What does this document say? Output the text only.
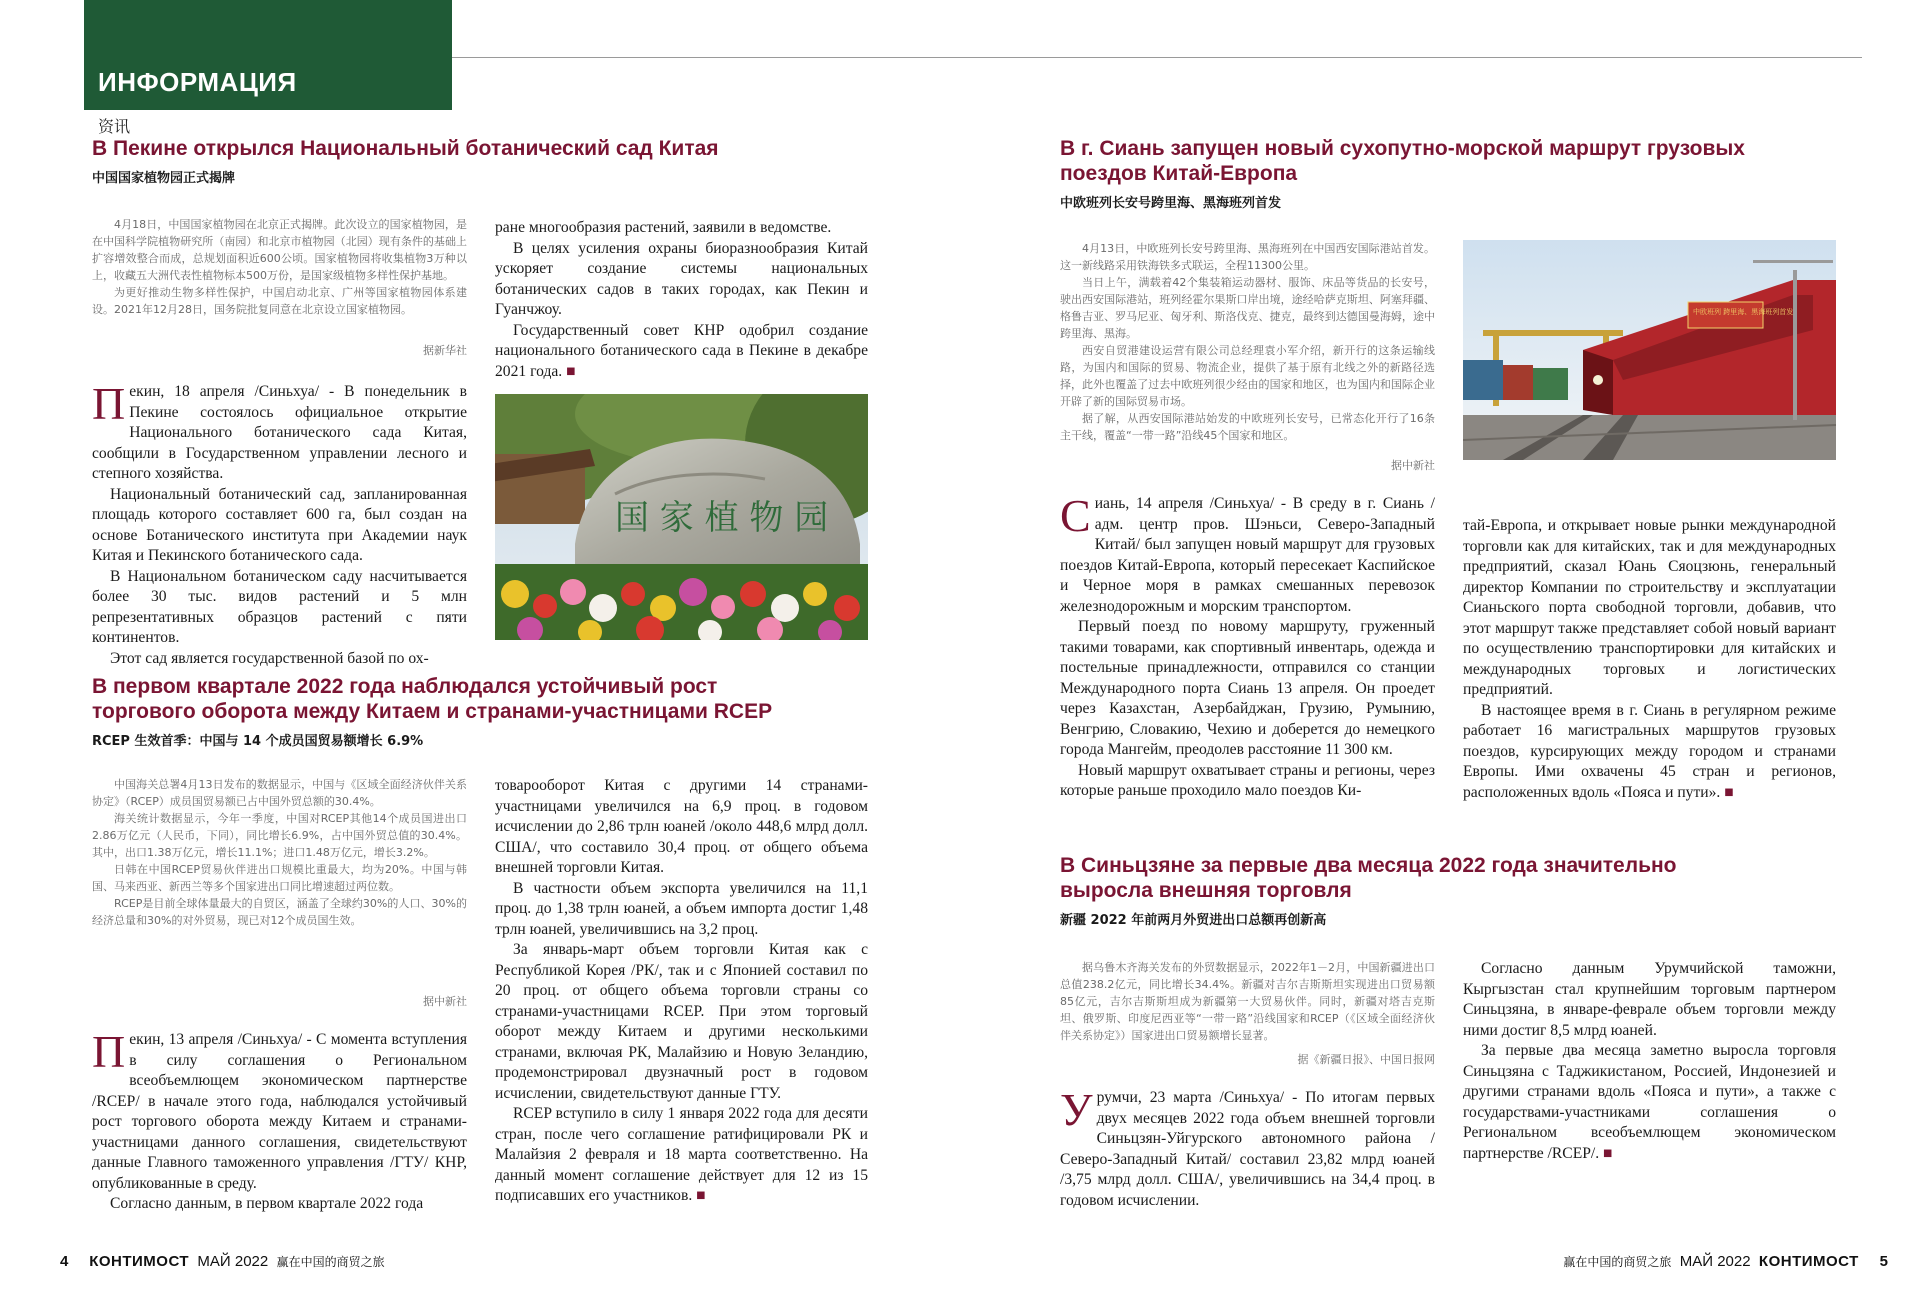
ИНФОРМАЦИЯ
资讯
В Пекине открылся Национальный ботанический сад Китая
中国国家植物园正式揭牌

4月18日，中国国家植物园在北京正式揭牌。此次设立的国家植物园，是在中国科学院植物研究所（南园）和北京市植物园（北园）现有条件的基础上扩容增效整合而成，总规划面积近600公顷。国家植物园将收集植物3万种以上，收藏五大洲代表性植物标本500万份，是国家级植物多样性保护基地。

为更好推动生物多样性保护，中国启动北京、广州等国家植物园体系建设。2021年12月28日，国务院批复同意在北京设立国家植物园。

据新华社

Пекин, 18 апреля /Синьхуа/ - В понедельник в Пекине состоялось официальное открытие Национального ботанического сада Китая, сообщили в Государственном управлении лесного и степного хозяйства.

Национальный ботанический сад, запланированная площадь которого составляет 600 га, был создан на основе Ботанического института при Академии наук Китая и Пекинского ботанического сада.

В Национальном ботаническом саду насчитывается более 30 тыс. видов растений и 5 млн репрезентативных образцов растений с пяти континентов.

Этот сад является государственной базой по ох-

ране многообразия растений, заявили в ведомстве.

В целях усиления охраны биоразнообразия Китай ускоряет создание системы национальных ботанических садов в таких городах, как Пекин и Гуанчжоу.

Государственный совет КНР одобрил создание национального ботанического сада в Пекине в декабре 2021 года. ■

国 家 植 物 园
В первом квартале 2022 года наблюдался устойчивый рост
торгового оборота между Китаем и странами-участницами RCEP
RCEP 生效首季：中国与 14 个成员国贸易额增长 6.9%

中国海关总署4月13日发布的数据显示，中国与《区域全面经济伙伴关系协定》（RCEP）成员国贸易额已占中国外贸总额的30.4%。

海关统计数据显示，今年一季度，中国对RCEP其他14个成员国进出口2.86万亿元（人民币，下同），同比增长6.9%，占中国外贸总值的30.4%。其中，出口1.38万亿元，增长11.1%；进口1.48万亿元，增长3.2%。

日韩在中国RCEP贸易伙伴进出口规模比重最大，均为20%。中国与韩国、马来西亚、新西兰等多个国家进出口同比增速超过两位数。

RCEP是目前全球体量最大的自贸区，涵盖了全球约30%的人口、30%的经济总量和30%的对外贸易，现已对12个成员国生效。

据中新社

Пекин, 13 апреля /Синьхуа/ - С момента вступления в силу соглашения о Региональном всеобъемлющем экономическом партнерстве /RCEP/ в начале этого года, наблюдался устойчивый рост торгового оборота между Китаем и странами-участницами данного соглашения, свидетельствуют данные Главного таможенного управления /ГТУ/ КНР, опубликованные в среду.

Согласно данным, в первом квартале 2022 года

товарооборот Китая с другими 14 странами-участницами увеличился на 6,9 проц. в годовом исчислении до 2,86 трлн юаней /около 448,6 млрд долл. США/, что составило 30,4 проц. от общего объема внешней торговли Китая.

В частности объем экспорта увеличился на 11,1 проц. до 1,38 трлн юаней, а объем импорта достиг 1,48 трлн юаней, увеличившись на 3,2 проц.

За январь-март объем торговли Китая как с Республикой Корея /РК/, так и с Японией составил по 20 проц. от общего объема торговли страны со странами-участницами RCEP. При этом торговый оборот между Китаем и другими несколькими странами, включая РК, Малайзию и Новую Зеландию, продемонстрировал двузначный рост в годовом исчислении, свидетельствуют данные ГТУ.

RCEP вступило в силу 1 января 2022 года для десяти стран, после чего соглашение ратифицировали РК и Малайзия 2 февраля и 18 марта соответственно. На данный момент соглашение действует для 12 из 15 подписавших его участников. ■

4 КОНТИМОСТ МАЙ 2022 赢在中国的商贸之旅
В г. Сиань запущен новый сухопутно-морской маршрут грузовых
поездов Китай-Европа
中欧班列长安号跨里海、黑海班列首发

4月13日，中欧班列长安号跨里海、黑海班列在中国西安国际港站首发。这一新线路采用铁海铁多式联运，全程11300公里。

当日上午，满载着42个集装箱运动器材、服饰、床品等货品的长安号，驶出西安国际港站，班列经霍尔果斯口岸出境，途经哈萨克斯坦、阿塞拜疆、格鲁吉亚、罗马尼亚、匈牙利、斯洛伐克、捷克，最终到达德国曼海姆，途中跨里海、黑海。

西安自贸港建设运营有限公司总经理袁小军介绍，新开行的这条运输线路，为国内和国际的贸易、物流企业，提供了基于原有北线之外的新路径选择，此外也覆盖了过去中欧班列很少经由的国家和地区，也为国内和国际企业开辟了新的国际贸易市场。

据了解，从西安国际港站始发的中欧班列长安号，已常态化开行了16条主干线，覆盖“一带一路”沿线45个国家和地区。

据中新社
中欧班列 跨里海、黑海班列首发

Сиань, 14 апреля /Синьхуа/ - В среду в г. Сиань /адм. центр пров. Шэньси, Северо-Западный Китай/ был запущен новый маршрут для грузовых поездов Китай-Европа, который пересекает Каспийское и Черное моря в рамках смешанных перевозок железнодорожным и морским транспортом.

Первый поезд по новому маршруту, груженный такими товарами, как спортивный инвентарь, одежда и постельные принадлежности, отправился со станции Международного порта Сиань 13 апреля. Он проедет через Казахстан, Азербайджан, Грузию, Румынию, Венгрию, Словакию, Чехию и доберется до немецкого города Мангейм, преодолев расстояние 11 300 км.

Новый маршрут охватывает страны и регионы, через которые раньше проходило мало поездов Ки-

тай-Европа, и открывает новые рынки международной торговли как для китайских, так и для международных предприятий, сказал Юань Сяоцзюнь, генеральный директор Компании по строительству и эксплуатации Сианьского порта свободной торговли, добавив, что этот маршрут также представляет собой новый вариант по осуществлению транспортировки для китайских и международных торговых и логистических предприятий.

В настоящее время в г. Сиань в регулярном режиме работает 16 магистральных маршрутов грузовых поездов, курсирующих между городом и странами Европы. Ими охвачены 45 стран и регионов, расположенных вдоль «Пояса и пути». ■

В Синьцзяне за первые два месяца 2022 года значительно
выросла внешняя торговля
新疆 2022 年前两月外贸进出口总额再创新高

据乌鲁木齐海关发布的外贸数据显示，2022年1－2月，中国新疆进出口总值238.2亿元，同比增长34.4%。新疆对吉尔吉斯斯坦实现进出口贸易额85亿元，吉尔吉斯斯坦成为新疆第一大贸易伙伴。同时，新疆对塔吉克斯坦、俄罗斯、印度尼西亚等“一带一路”沿线国家和RCEP（《区域全面经济伙伴关系协定》）国家进出口贸易额增长显著。

据《新疆日报》、中国日报网

Урумчи, 23 марта /Синьхуа/ - По итогам первых двух месяцев 2022 года объем внешней торговли Синьцзян-Уйгурского автономного района /Северо-Западный Китай/ составил 23,82 млрд юаней /3,75 млрд долл. США/, увеличившись на 34,4 проц. в годовом исчислении.

Согласно данным Урумчийской таможни, Кыргызстан стал крупнейшим торговым партнером Синьцзяна, в январе-феврале объем торговли между ними достиг 8,5 млрд юаней.

За первые два месяца заметно выросла торговля Синьцзяна с Таджикистаном, Россией, Индонезией и другими странами вдоль «Пояса и пути», а также с государствами-участниками соглашения о Региональном всеобъемлющем экономическом партнерстве /RCEP/. ■

赢在中国的商贸之旅 МАЙ 2022 КОНТИМОСТ 5
